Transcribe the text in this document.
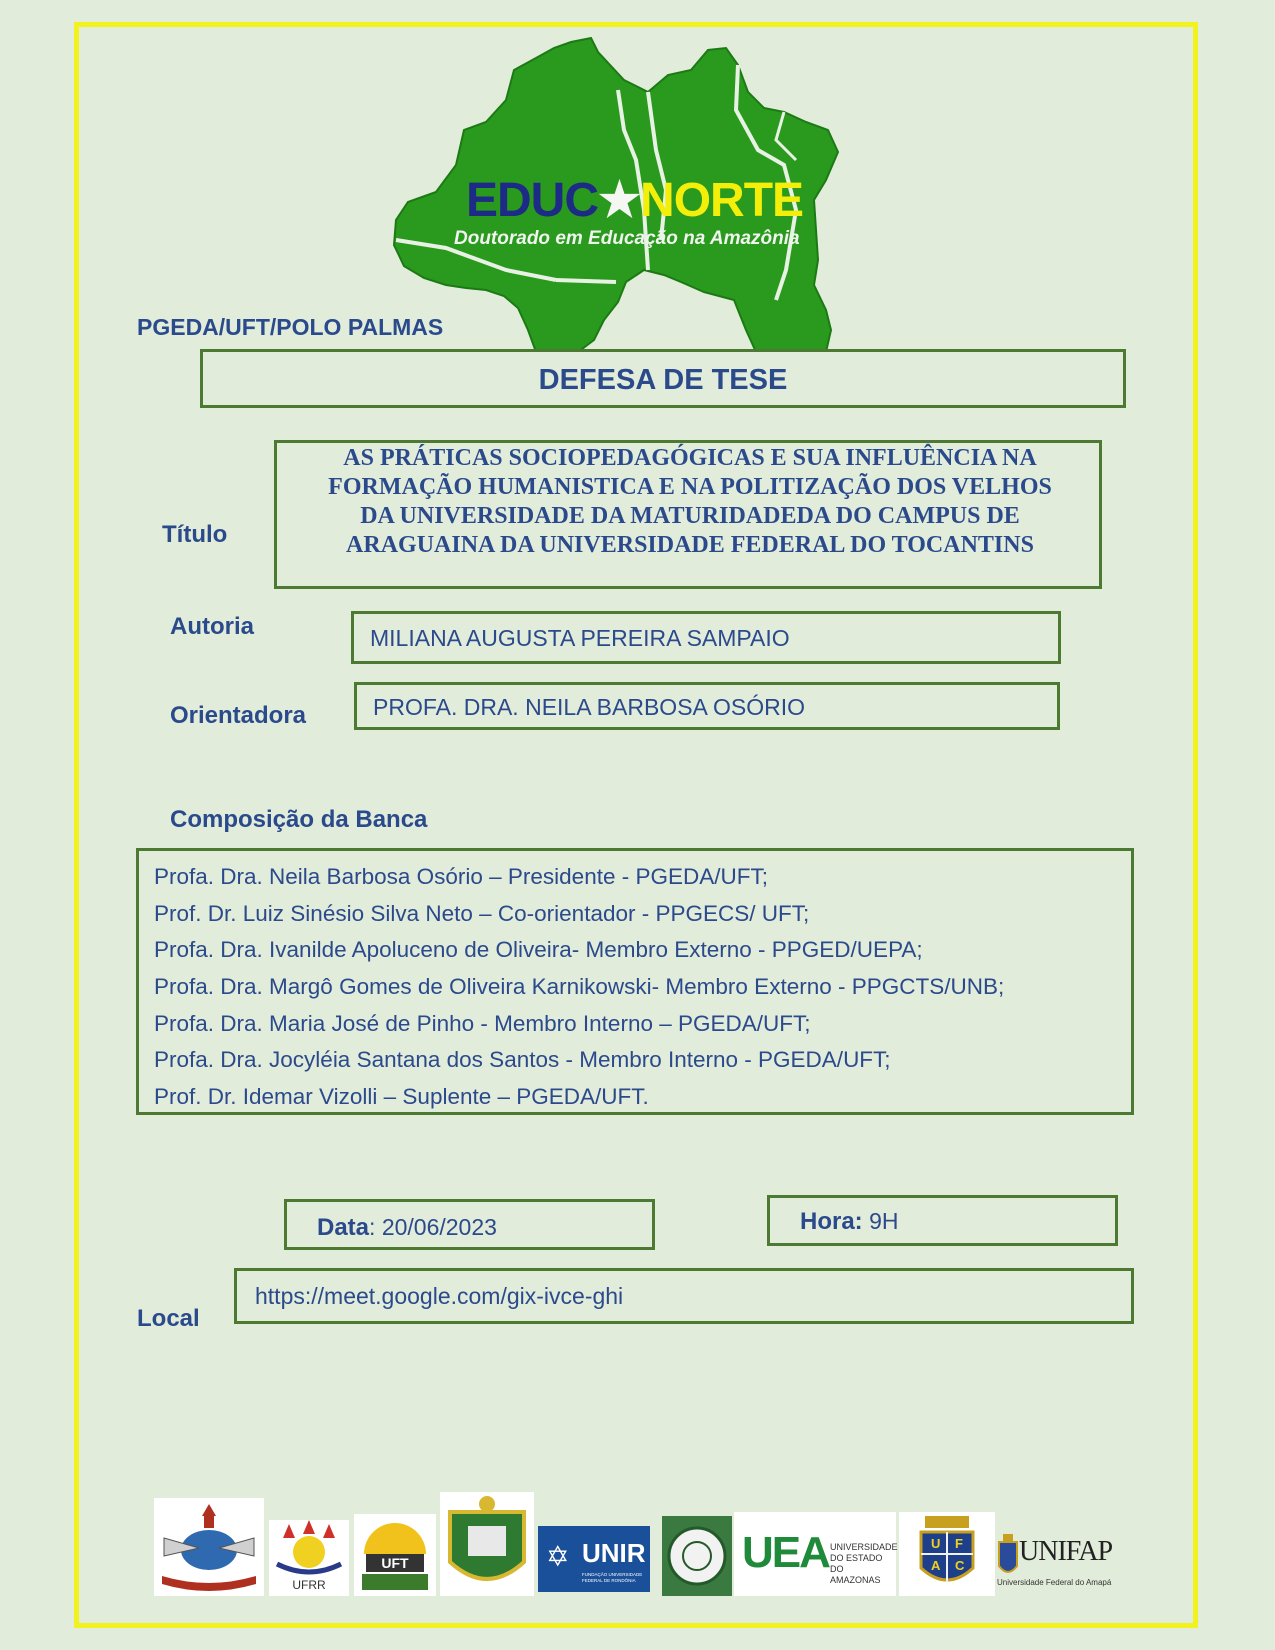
EDUC★NORTE
Doutorado em Educação na Amazônia
PGEDA/UFT/POLO PALMAS
DEFESA DE TESE
Título
AS PRÁTICAS SOCIOPEDAGÓGICAS E SUA INFLUÊNCIA NA
FORMAÇÃO HUMANISTICA E NA POLITIZAÇÃO DOS VELHOS
DA UNIVERSIDADE DA MATURIDADEDA DO CAMPUS DE
ARAGUAINA DA UNIVERSIDADE FEDERAL DO TOCANTINS
Autoria	MILIANA AUGUSTA PEREIRA SAMPAIO
Orientadora	PROFA. DRA. NEILA BARBOSA OSÓRIO
Composição da Banca
Profa. Dra. Neila Barbosa Osório – Presidente - PGEDA/UFT;
Prof. Dr. Luiz Sinésio Silva Neto – Co-orientador - PPGECS/ UFT;
Profa. Dra. Ivanilde Apoluceno de Oliveira- Membro Externo - PPGED/UEPA;
Profa. Dra. Margô Gomes de Oliveira Karnikowski- Membro Externo - PPGCTS/UNB;
Profa. Dra. Maria José de Pinho - Membro Interno – PGEDA/UFT;
Profa. Dra. Jocyléia Santana dos Santos - Membro Interno - PGEDA/UFT;
Prof. Dr. Idemar Vizolli – Suplente – PGEDA/UFT.
Data: 20/06/2023	Hora: 9H
Local
https://meet.google.com/gix-ivce-ghi
UFRR
UFT	✡ UNIR
FUNDAÇÃO UNIVERSIDADE FEDERAL DE RONDÔNIA
UEA UNIVERSIDADE
DO ESTADO DO
AMAZONAS
U F
A C UNIFAP
Universidade Federal do Amapá
